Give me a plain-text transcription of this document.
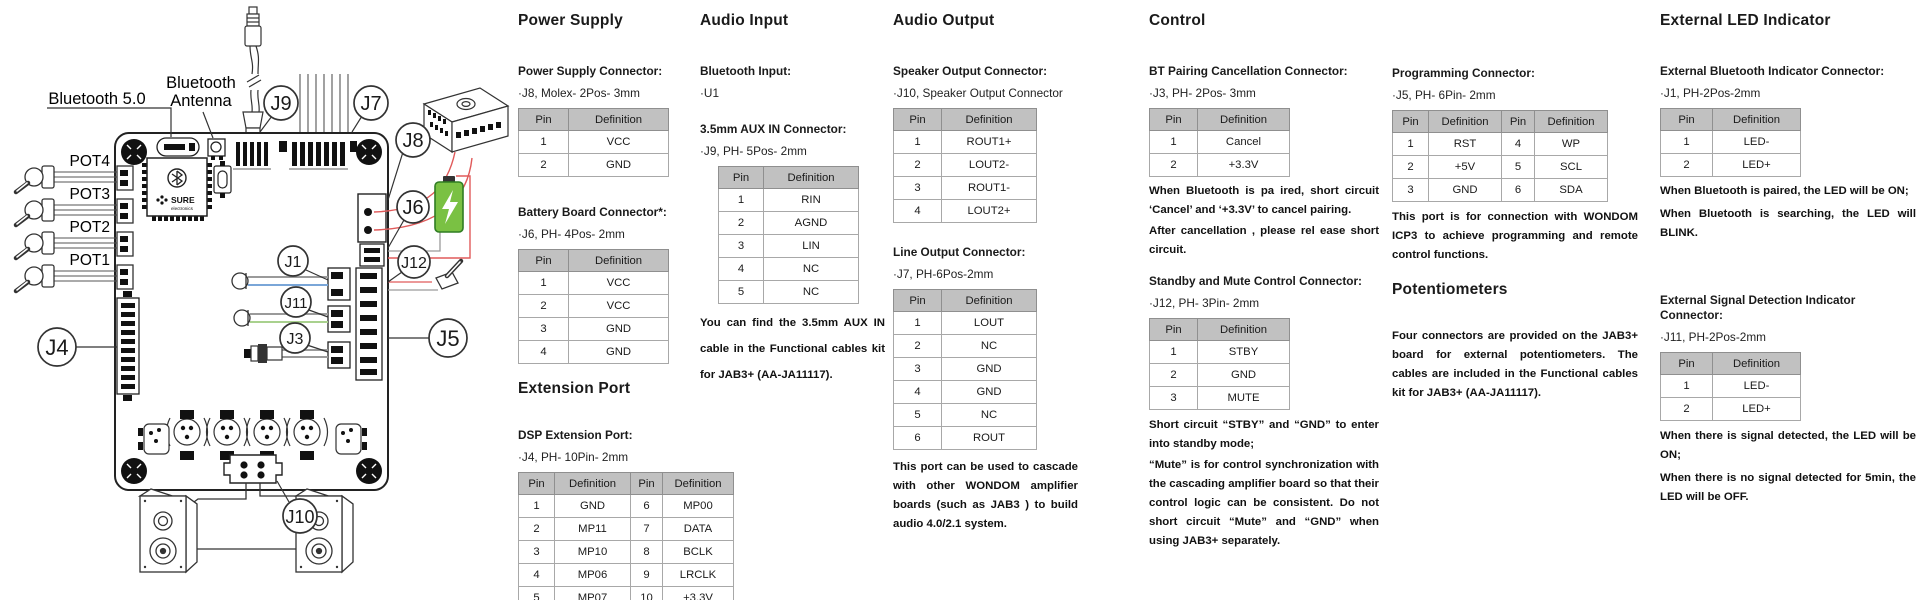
SURE
electronics
POT4
POT3
POT2
POT1
Bluetooth 5.0
Bluetooth
Antenna J9	J7
J8
J6
J12
J5
J1
J11
J3
J4
J10
Power Supply
Power Supply Connector:
·J8, Molex- 2Pos- 3mm
Pin	Definition
1	VCC
2	GND
Battery Board Connector*:
·J6, PH- 4Pos- 2mm
Pin	Definition
1	VCC
2	VCC
3	GND
4	GND
Extension Port
DSP Extension Port:
·J4, PH- 10Pin- 2mm
Pin	Definition	Pin	Definition
1	GND	6	MP00
2	MP11	7	DATA
3	MP10	8	BCLK
4	MP06	9	LRCLK
5	MP07	10	+3.3V
Audio Input
Bluetooth Input:
·U1
3.5mm AUX IN Connector:
·J9, PH- 5Pos- 2mm
Pin	Definition
1	RIN
2	AGND
3	LIN
4	NC
5	NC
You can find the 3.5mm AUX IN cable in the Functional cables kit for JAB3+ (AA-JA11117).
Audio Output
Speaker Output Connector:
·J10, Speaker Output Connector
Pin	Definition
1	ROUT1+
2	LOUT2-
3	ROUT1-
4	LOUT2+
Line Output Connector:
·J7, PH-6Pos-2mm
Pin	Definition
1	LOUT
2	NC
3	GND
4	GND
5	NC
6	ROUT
This port can be used to cascade with other WONDOM amplifier boards (such as JAB3 ) to build audio 4.0/2.1 system.
Control
BT Pairing Cancellation Connector:
·J3, PH- 2Pos- 3mm
Pin	Definition
1	Cancel
2	+3.3V
When Bluetooth is pa ired, short circuit ‘Cancel’ and ‘+3.3V’ to cancel pairing.
After cancellation , please rel ease short circuit.
Standby and Mute Control Connector:
·J12, PH- 3Pin- 2mm
Pin	Definition
1	STBY
2	GND
3	MUTE
Short circuit “STBY” and “GND” to enter into standby mode;
“Mute” is for control synchronization with the cascading amplifier board so that their control logic can be consistent. Do not short circuit “Mute” and “GND” when using JAB3+ separately.
Programming Connector:
·J5, PH- 6Pin- 2mm
Pin	Definition	Pin	Definition
1	RST	4	WP
2	+5V	5	SCL
3	GND	6	SDA
This port is for connection with WONDOM ICP3 to achieve programming and remote control functions.
Potentiometers
Four connectors are provided on the JAB3+ board for external potentiometers. The cables are included in the Functional cables kit for JAB3+ (AA-JA11117).
External LED Indicator
External Bluetooth Indicator Connector:
·J1, PH-2Pos-2mm
Pin	Definition
1	LED-
2	LED+
When Bluetooth is paired, the LED will be ON;
When Bluetooth is searching, the LED will BLINK.
External Signal Detection Indicator Connector:
·J11, PH-2Pos-2mm
Pin	Definition
1	LED-
2	LED+
When there is signal detected, the LED will be ON;
When there is no signal detected for 5min, the LED will be OFF.
